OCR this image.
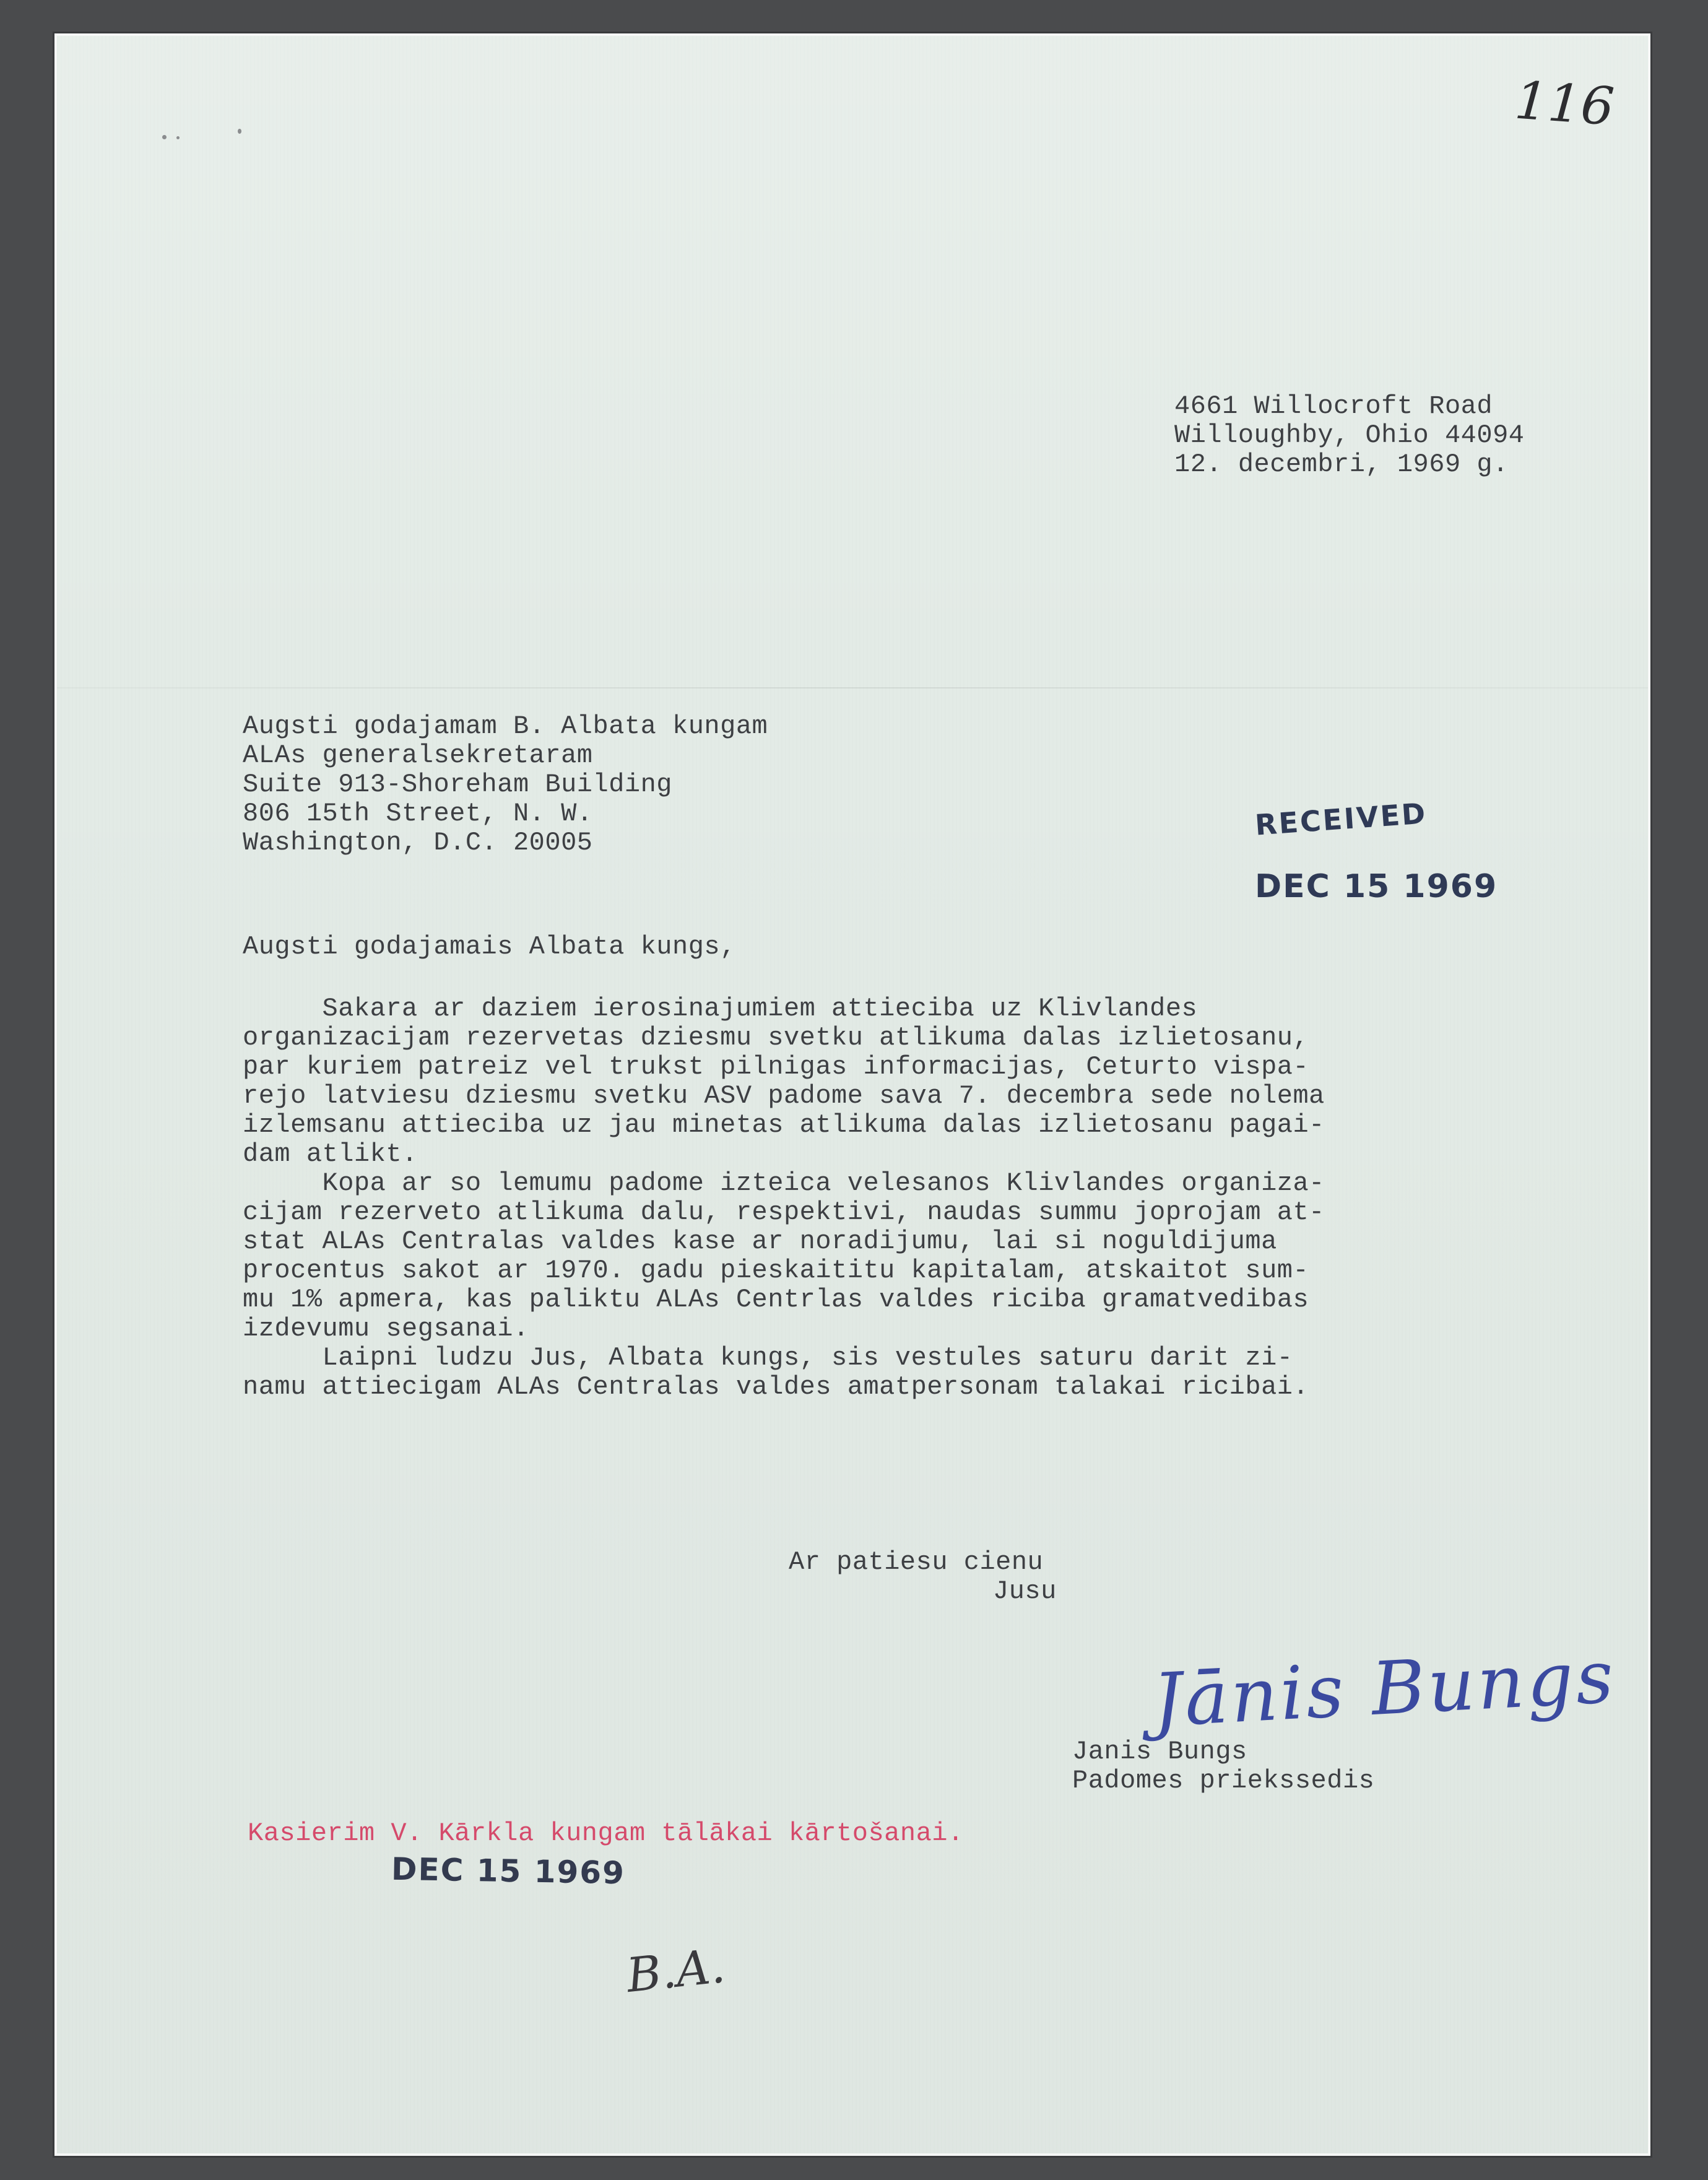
116
4661 Willocroft Road
Willoughby, Ohio 44094
12. decembri, 1969 g.
Augsti godajamam B. Albata kungam
ALAs generalsekretaram
Suite 913-Shoreham Building
806 15th Street, N. W.
Washington, D.C. 20005
RECEIVED
DEC 15 1969
Augsti godajamais Albata kungs,
Sakara ar daziem ierosinajumiem attieciba uz Klivlandes
organizacijam rezervetas dziesmu svetku atlikuma dalas izlietosanu,
par kuriem patreiz vel trukst pilnigas informacijas, Ceturto vispa-
rejo latviesu dziesmu svetku ASV padome sava 7. decembra sede nolema
izlemsanu attieciba uz jau minetas atlikuma dalas izlietosanu pagai-
dam atlikt.
Kopa ar so lemumu padome izteica velesanos Klivlandes organiza-
cijam rezerveto atlikuma dalu, respektivi, naudas summu joprojam at-
stat ALAs Centralas valdes kase ar noradijumu, lai si noguldijuma
procentus sakot ar 1970. gadu pieskaititu kapitalam, atskaitot sum-
mu 1% apmera, kas paliktu ALAs Centrlas valdes riciba gramatvedibas
izdevumu segsanai.
Laipni ludzu Jus, Albata kungs, sis vestules saturu darit zi-
namu attiecigam ALAs Centralas valdes amatpersonam talakai ricibai.
Ar patiesu cienu
Jusu
Jānis Bungs
Janis Bungs
Padomes priekssedis
Kasierim V. Kārkla kungam tālākai kārtošanai.
DEC 15 1969
B.A.
